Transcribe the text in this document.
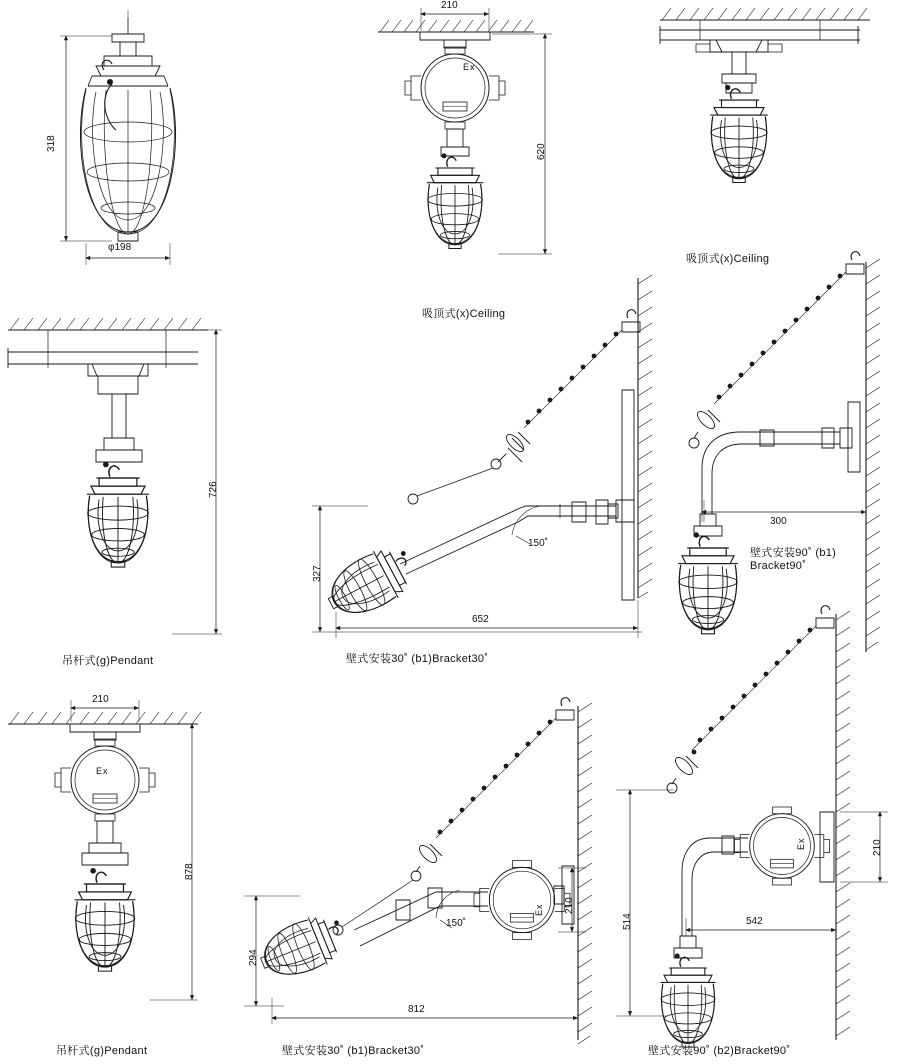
318
φ198
210
620
Ex
吸顶式(x)Ceiling
吸顶式(x)Ceiling
726
吊杆式(g)Pendant
327
652
150˚
壁式安装30˚ (b1)Bracket30˚
300
壁式安装90˚ (b1)
Bracket90˚
210
878
Ex
吊杆式(g)Pendant
294
812
210
150˚
Ex
壁式安装30˚ (b1)Bracket30˚
514	542
210
Ex
壁式安装90˚ (b2)Bracket90˚
